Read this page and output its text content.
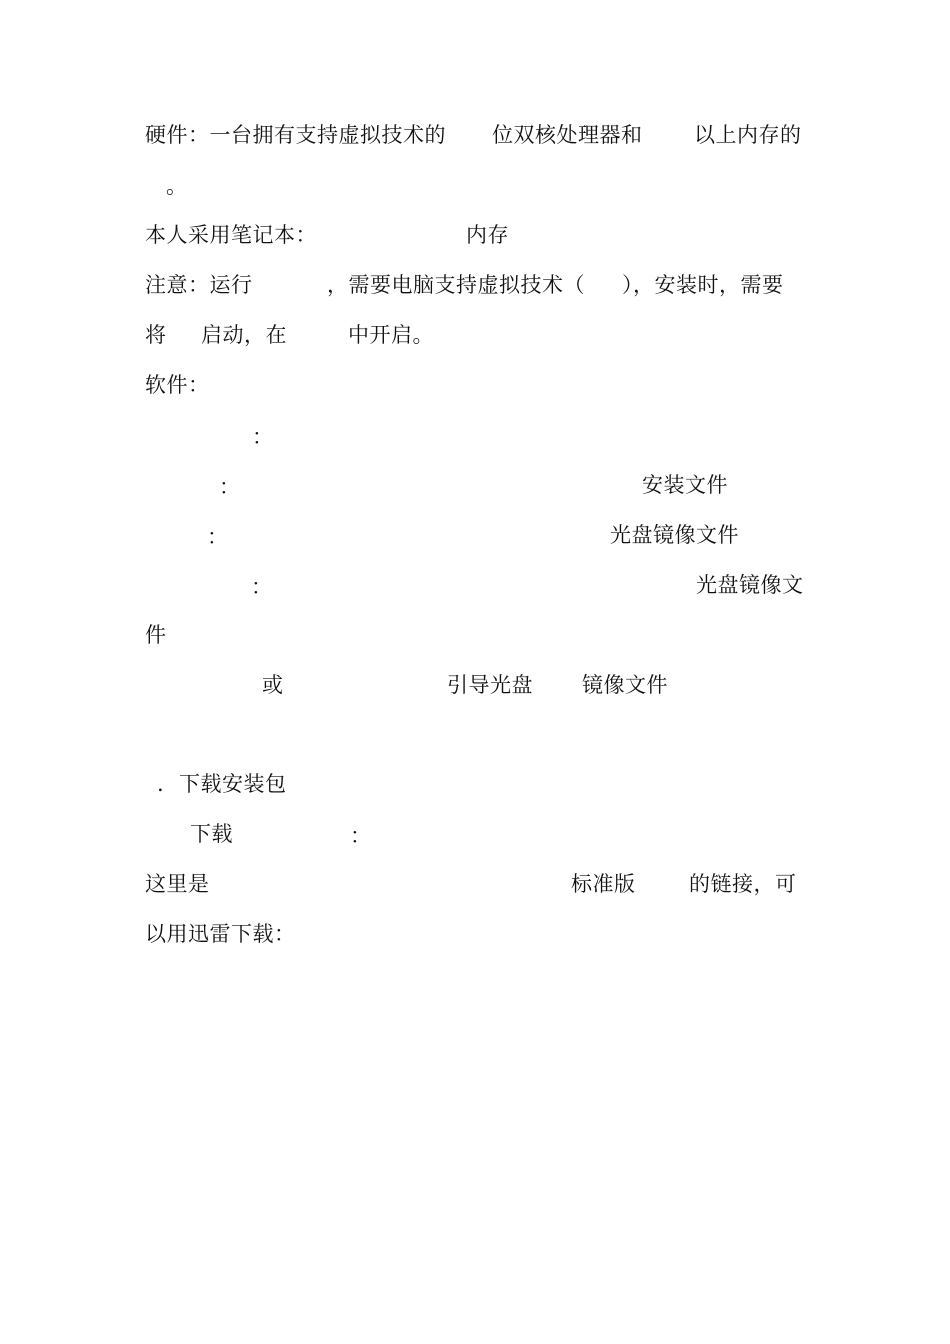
硬件：一台拥有支持虚拟技术的 位双核处理器和 以上内存的
。
本人采用笔记本：	内存
注意：运行	，需要电脑支持虚拟技术（ ），安装时，需要
将 启动，在	中开启。
软件：
：
：	安装文件
：	光盘镜像文件
：	光盘镜像文
件
或	引导光盘 镜像文件
. 下载安装包
下载	：
这里是	标准版	的链接，可
以用迅雷下载：
